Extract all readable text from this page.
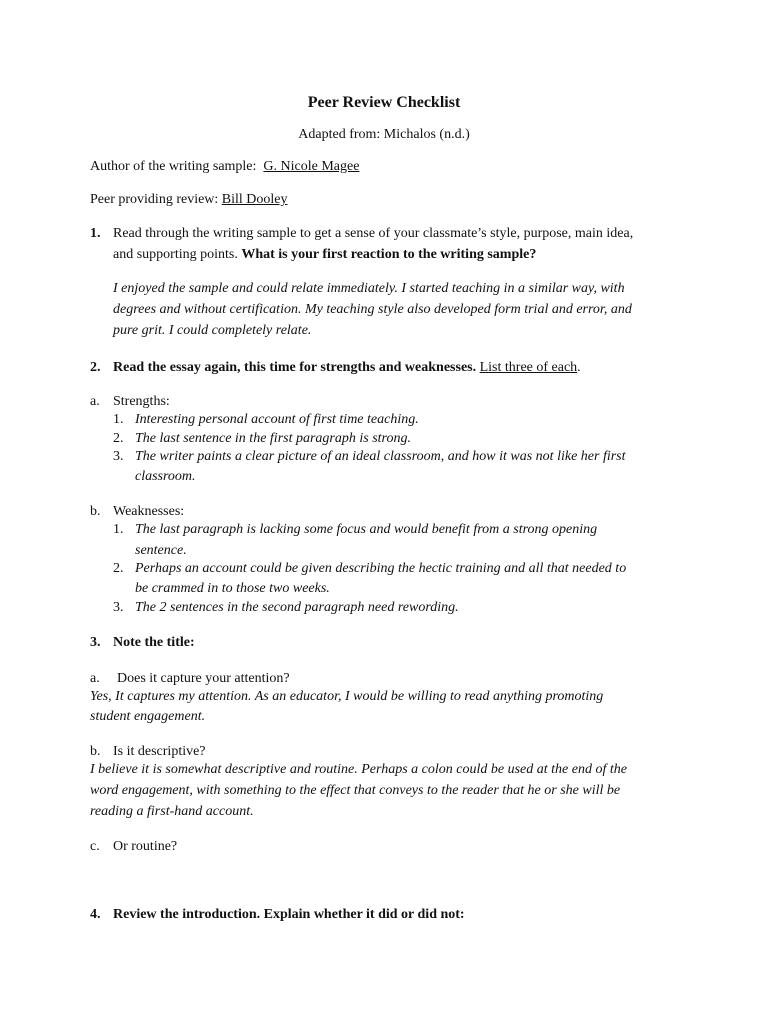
Peer Review Checklist
Adapted from: Michalos (n.d.)
Author of the writing sample: G. Nicole Magee
Peer providing review: Bill Dooley
1. Read through the writing sample to get a sense of your classmate’s style, purpose, main idea,
and supporting points. What is your first reaction to the writing sample?
I enjoyed the sample and could relate immediately. I started teaching in a similar way, with
degrees and without certification. My teaching style also developed form trial and error, and
pure grit. I could completely relate.
2. Read the essay again, this time for strengths and weaknesses. List three of each.
a. Strengths:
1. Interesting personal account of first time teaching.
2. The last sentence in the first paragraph is strong.
3. The writer paints a clear picture of an ideal classroom, and how it was not like her first
classroom.
b. Weaknesses:
1. The last paragraph is lacking some focus and would benefit from a strong opening
sentence.
2. Perhaps an account could be given describing the hectic training and all that needed to
be crammed in to those two weeks.
3. The 2 sentences in the second paragraph need rewording.
3. Note the title:
a. Does it capture your attention?
Yes, It captures my attention. As an educator, I would be willing to read anything promoting
student engagement.
b. Is it descriptive?
I believe it is somewhat descriptive and routine. Perhaps a colon could be used at the end of the
word engagement, with something to the effect that conveys to the reader that he or she will be
reading a first-hand account.
c. Or routine?
4. Review the introduction. Explain whether it did or did not:
